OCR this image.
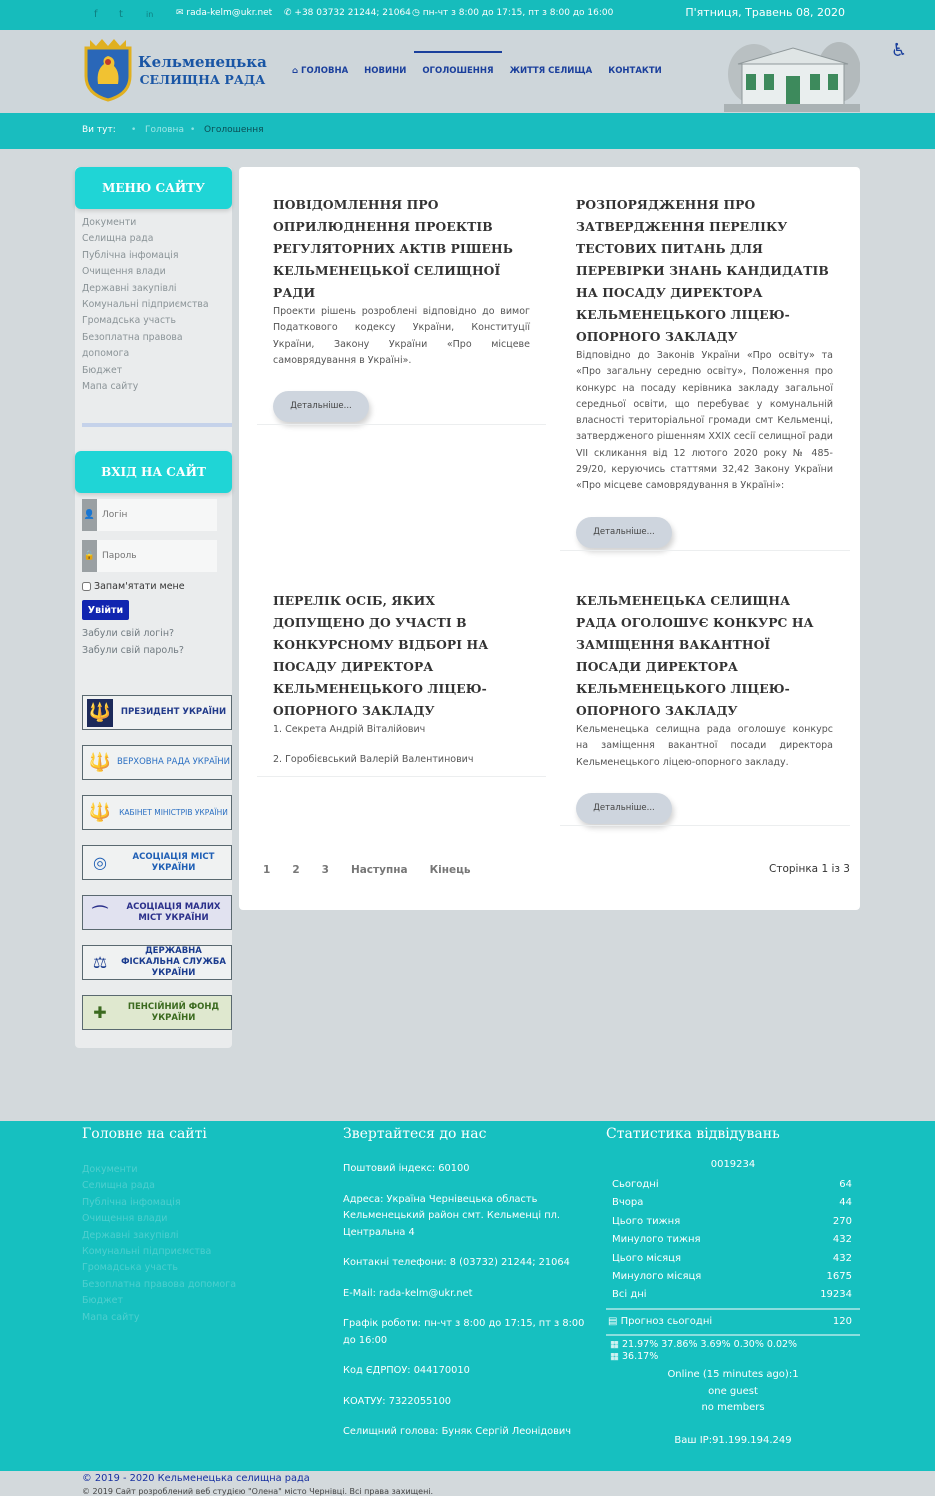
f t	in	✉ rada-kelm@ukr.net ✆ +38 03732 21244; 21064 ◷ пн-чт з 8:00 до 17:15, пт з 8:00 до 16:00	П'ятниця, Травень 08, 2020
Кельменецька
СЕЛИЩНА РАДА
⌂ ГОЛОВНА	НОВИНИ	ОГОЛОШЕННЯ	ЖИТТЯ СЕЛИЩА	КОНТАКТИ
♿
Ви тут: • Головна • Оголошення
МЕНЮ САЙТУ
Документи
Селищна рада
Публічна інфомація
Очищення влади
Державні закупівлі
Комунальні підприємства
Громадська участь
Безоплатна правова
допомога
Бюджет
Мапа сайту
ВХІД НА САЙТ
👤
Логін
🔒
Запам'ятати мене
Увійти
Забули свій логін?
Забули свій пароль?
🔱	ПРЕЗИДЕНТ УКРАЇНИ
🔱 ВЕРХОВНА РАДА УКРАЇНИ
🔱	КАБІНЕТ МІНІСТРІВ УКРАЇНИ
◎	АСОЦІАЦІЯ МІСТ УКРАЇНИ
⌒	АСОЦІАЦІЯ МАЛИХ МІСТ УКРАЇНИ
⚖
ДЕРЖАВНА ФІСКАЛЬНА СЛУЖБА УКРАЇНИ
✚	ПЕНСІЙНИЙ ФОНД УКРАЇНИ
ПОВІДОМЛЕННЯ ПРО ОПРИЛЮДНЕННЯ ПРОЕКТІВ РЕГУЛЯТОРНИХ АКТІВ РІШЕНЬ КЕЛЬМЕНЕЦЬКОЇ СЕЛИЩНОЇ РАДИ

Проекти рішень розроблені відповідно до вимог Податкового кодексу України, Конституції України, Закону України «Про місцеве самоврядування в Україні».

Детальніше...
РОЗПОРЯДЖЕННЯ ПРО ЗАТВЕРДЖЕННЯ ПЕРЕЛІКУ ТЕСТОВИХ ПИТАНЬ ДЛЯ ПЕРЕВІРКИ ЗНАНЬ КАНДИДАТІВ НА ПОСАДУ ДИРЕКТОРА КЕЛЬМЕНЕЦЬКОГО ЛІЦЕЮ-ОПОРНОГО ЗАКЛАДУ

Відповідно до Законів України «Про освіту» та «Про загальну середню освіту», Положення про конкурс на посаду керівника закладу загальної середньої освіти, що перебуває у комунальній власності територіальної громади смт Кельменці, затвердженого рішенням XXIX сесії селищної ради VII скликання від 12 лютого 2020 року № 485-29/20, керуючись статтями 32,42 Закону України «Про місцеве самоврядування в Україні»:

Детальніше...
ПЕРЕЛІК ОСІБ, ЯКИХ ДОПУЩЕНО ДО УЧАСТІ В КОНКУРСНОМУ ВІДБОРІ НА ПОСАДУ ДИРЕКТОРА КЕЛЬМЕНЕЦЬКОГО ЛІЦЕЮ-ОПОРНОГО ЗАКЛАДУ

1. Секрета Андрій Віталійович

2. Горобієвський Валерій Валентинович

КЕЛЬМЕНЕЦЬКА СЕЛИЩНА РАДА ОГОЛОШУЄ КОНКУРС НА ЗАМІЩЕННЯ ВАКАНТНОЇ ПОСАДИ ДИРЕКТОРА КЕЛЬМЕНЕЦЬКОГО ЛІЦЕЮ-ОПОРНОГО ЗАКЛАДУ

Кельменецька селищна рада оголошує конкурс на заміщення вакантної посади директора Кельменецького ліцею-опорного закладу.

Детальніше...
1 2 3 Наступна Кінець	Сторінка 1 із 3
Головне на сайті
Документи
Селищна рада
Публічна інфомація
Очищення влади
Державні закупівлі
Комунальні підприємства
Громадська участь
Безоплатна правова допомога
Бюджет
Мапа сайту
Звертайтеся до нас
Поштовий індекс: 60100
Адреса: Україна Чернівецька область Кельменецький район смт. Кельменці пл. Центральна 4
Контакні телефони: 8 (03732) 21244; 21064
E-Mail: rada-kelm@ukr.net
Графік роботи: пн-чт з 8:00 до 17:15, пт з 8:00 до 16:00
Код ЄДРПОУ: 044170010
КОАТУУ: 7322055100
Селищний голова: Буняк Сергій Леонідович
Статистика відвідувань
0019234
Сьогодні	64
Вчора	44
Цього тижня	270
Минулого тижня	432
Цього місяця	432
Минулого місяця	1675
Всі дні	19234
▤ Прогноз сьогодні	120
▦ 21.97% 37.86% 3.69% 0.30% 0.02%
▦ 36.17%
Online (15 minutes ago):1
one guest
no members
Ваш IP:91.199.194.249
© 2019 - 2020 Кельменецька селищна рада
© 2019 Сайт розроблений веб студією "Олена" місто Чернівці. Всі права захищені.
